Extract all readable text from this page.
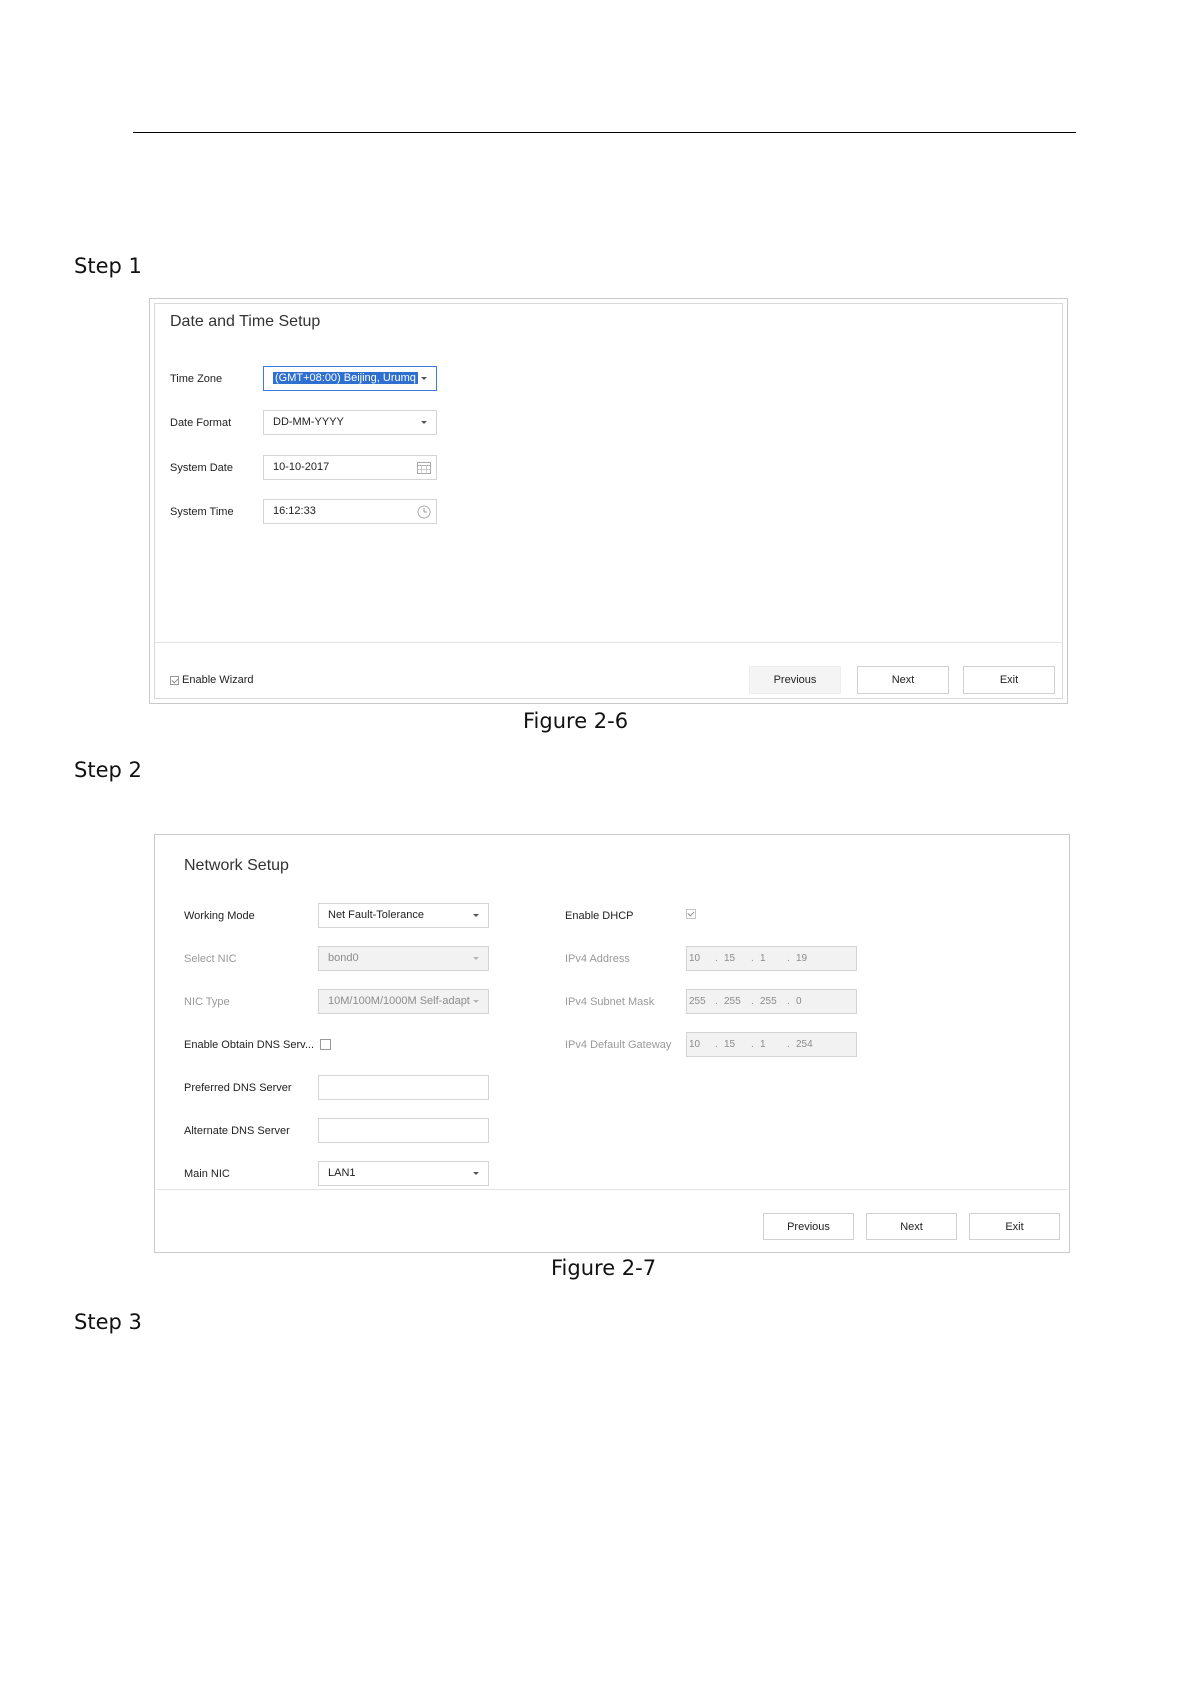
Step 1
Date and Time Setup
Time Zone	(GMT+08:00) Beijing, Urumq
Date Format	DD-MM-YYYY
System Date	10-10-2017
System Time	16:12:33
Enable Wizard	Previous	Next	Exit
Figure 2-6
Step 2
Network Setup
Working Mode	Net Fault-Tolerance
Select NIC	bond0
NIC Type	10M/100M/1000M Self-adapt
Enable Obtain DNS Serv...
Preferred DNS Server
Alternate DNS Server
Main NIC	LAN1
Enable DHCP
IPv4 Address	10 . 15 . 1 . 19
IPv4 Subnet Mask	255 . 255 . 255 . 0
IPv4 Default Gateway 10 . 15 . 1 . 254
Previous	Next	Exit
Figure 2-7
Step 3
